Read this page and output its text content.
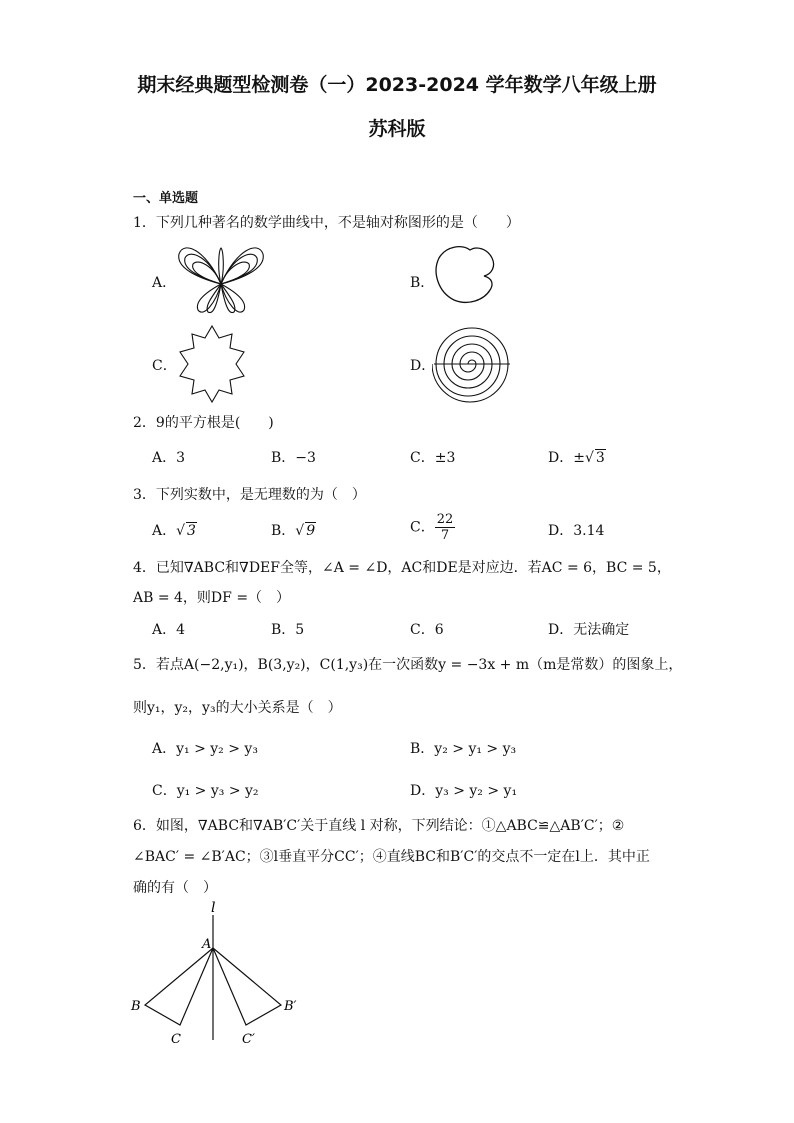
期末经典题型检测卷（一）2023-2024 学年数学八年级上册
苏科版
一、单选题
1．下列几种著名的数学曲线中，不是轴对称图形的是（　　）
A．	B．
C．	D．
2．9的平方根是(　　)
A．3	B．−3	C．±3	D．±√ 3
3．下列实数中，是无理数的为（　）
A．√ 3	B．√ 9	C． $\frac{22}{7}$	D．3.14
4．已知∇ABC和∇DEF全等，∠A = ∠D，AC和DE是对应边．若AC = 6，BC = 5，
AB = 4，则DF =（　）
A．4	B．5	C．6	D．无法确定
5．若点A(−2,y₁)，B(3,y₂)，C(1,y₃)在一次函数y = −3x + m（m是常数）的图象上，
则y₁，y₂，y₃的大小关系是（　）
A．y₁ > y₂ > y₃	B．y₂ > y₁ > y₃
C．y₁ > y₃ > y₂	D．y₃ > y₂ > y₁
6．如图，∇ABC和∇AB′C′关于直线 l 对称，下列结论：①△ABC≌△AB′C′；②
∠BAC′ = ∠B′AC；③l垂直平分CC′；④直线BC和B′C′的交点不一定在l上．其中正
确的有（　）
l
A
B
C
B′
C′
